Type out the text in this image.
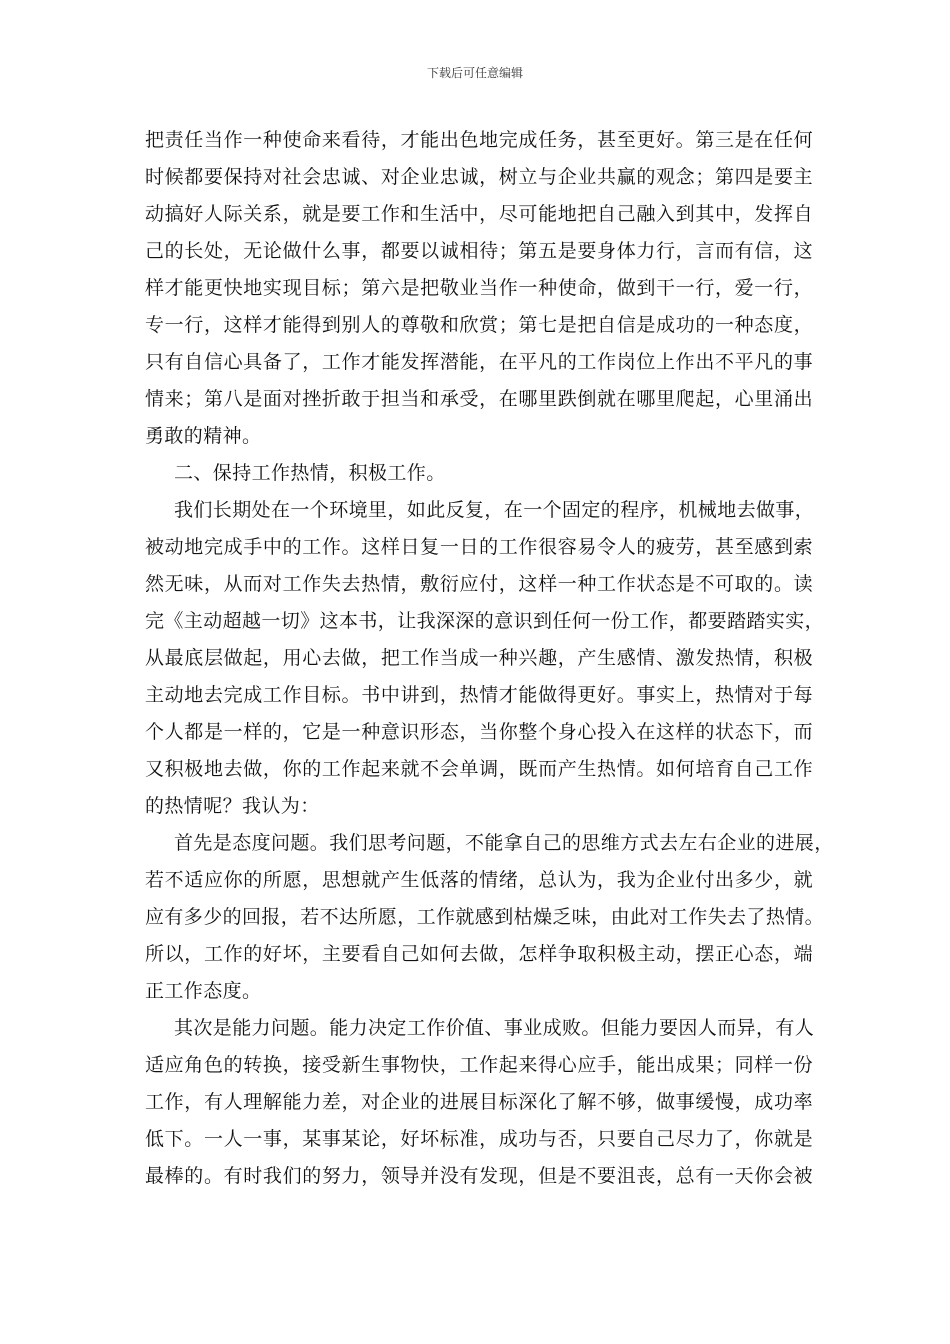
下载后可任意编辑
把责任当作一种使命来看待，才能出色地完成任务，甚至更好。第三是在任何
时候都要保持对社会忠诚、对企业忠诚，树立与企业共赢的观念；第四是要主
动搞好人际关系，就是要工作和生活中，尽可能地把自己融入到其中，发挥自
己的长处，无论做什么事，都要以诚相待；第五是要身体力行，言而有信，这
样才能更快地实现目标；第六是把敬业当作一种使命，做到干一行，爱一行，
专一行，这样才能得到别人的尊敬和欣赏；第七是把自信是成功的一种态度，
只有自信心具备了，工作才能发挥潜能，在平凡的工作岗位上作出不平凡的事
情来；第八是面对挫折敢于担当和承受，在哪里跌倒就在哪里爬起，心里涌出
勇敢的精神。
二、保持工作热情，积极工作。
我们长期处在一个环境里，如此反复，在一个固定的程序，机械地去做事，
被动地完成手中的工作。这样日复一日的工作很容易令人的疲劳，甚至感到索
然无味，从而对工作失去热情，敷衍应付，这样一种工作状态是不可取的。读
完《主动超越一切》这本书，让我深深的意识到任何一份工作，都要踏踏实实，
从最底层做起，用心去做，把工作当成一种兴趣，产生感情、激发热情，积极
主动地去完成工作目标。书中讲到，热情才能做得更好。事实上，热情对于每
个人都是一样的，它是一种意识形态，当你整个身心投入在这样的状态下，而
又积极地去做，你的工作起来就不会单调，既而产生热情。如何培育自己工作
的热情呢？我认为：
首先是态度问题。我们思考问题，不能拿自己的思维方式去左右企业的进展，
若不适应你的所愿，思想就产生低落的情绪，总认为，我为企业付出多少，就
应有多少的回报，若不达所愿，工作就感到枯燥乏味，由此对工作失去了热情。
所以，工作的好坏，主要看自己如何去做，怎样争取积极主动，摆正心态，端
正工作态度。
其次是能力问题。能力决定工作价值、事业成败。但能力要因人而异，有人
适应角色的转换，接受新生事物快，工作起来得心应手，能出成果；同样一份
工作，有人理解能力差，对企业的进展目标深化了解不够，做事缓慢，成功率
低下。一人一事，某事某论，好坏标准，成功与否，只要自己尽力了，你就是
最棒的。有时我们的努力，领导并没有发现，但是不要沮丧，总有一天你会被
